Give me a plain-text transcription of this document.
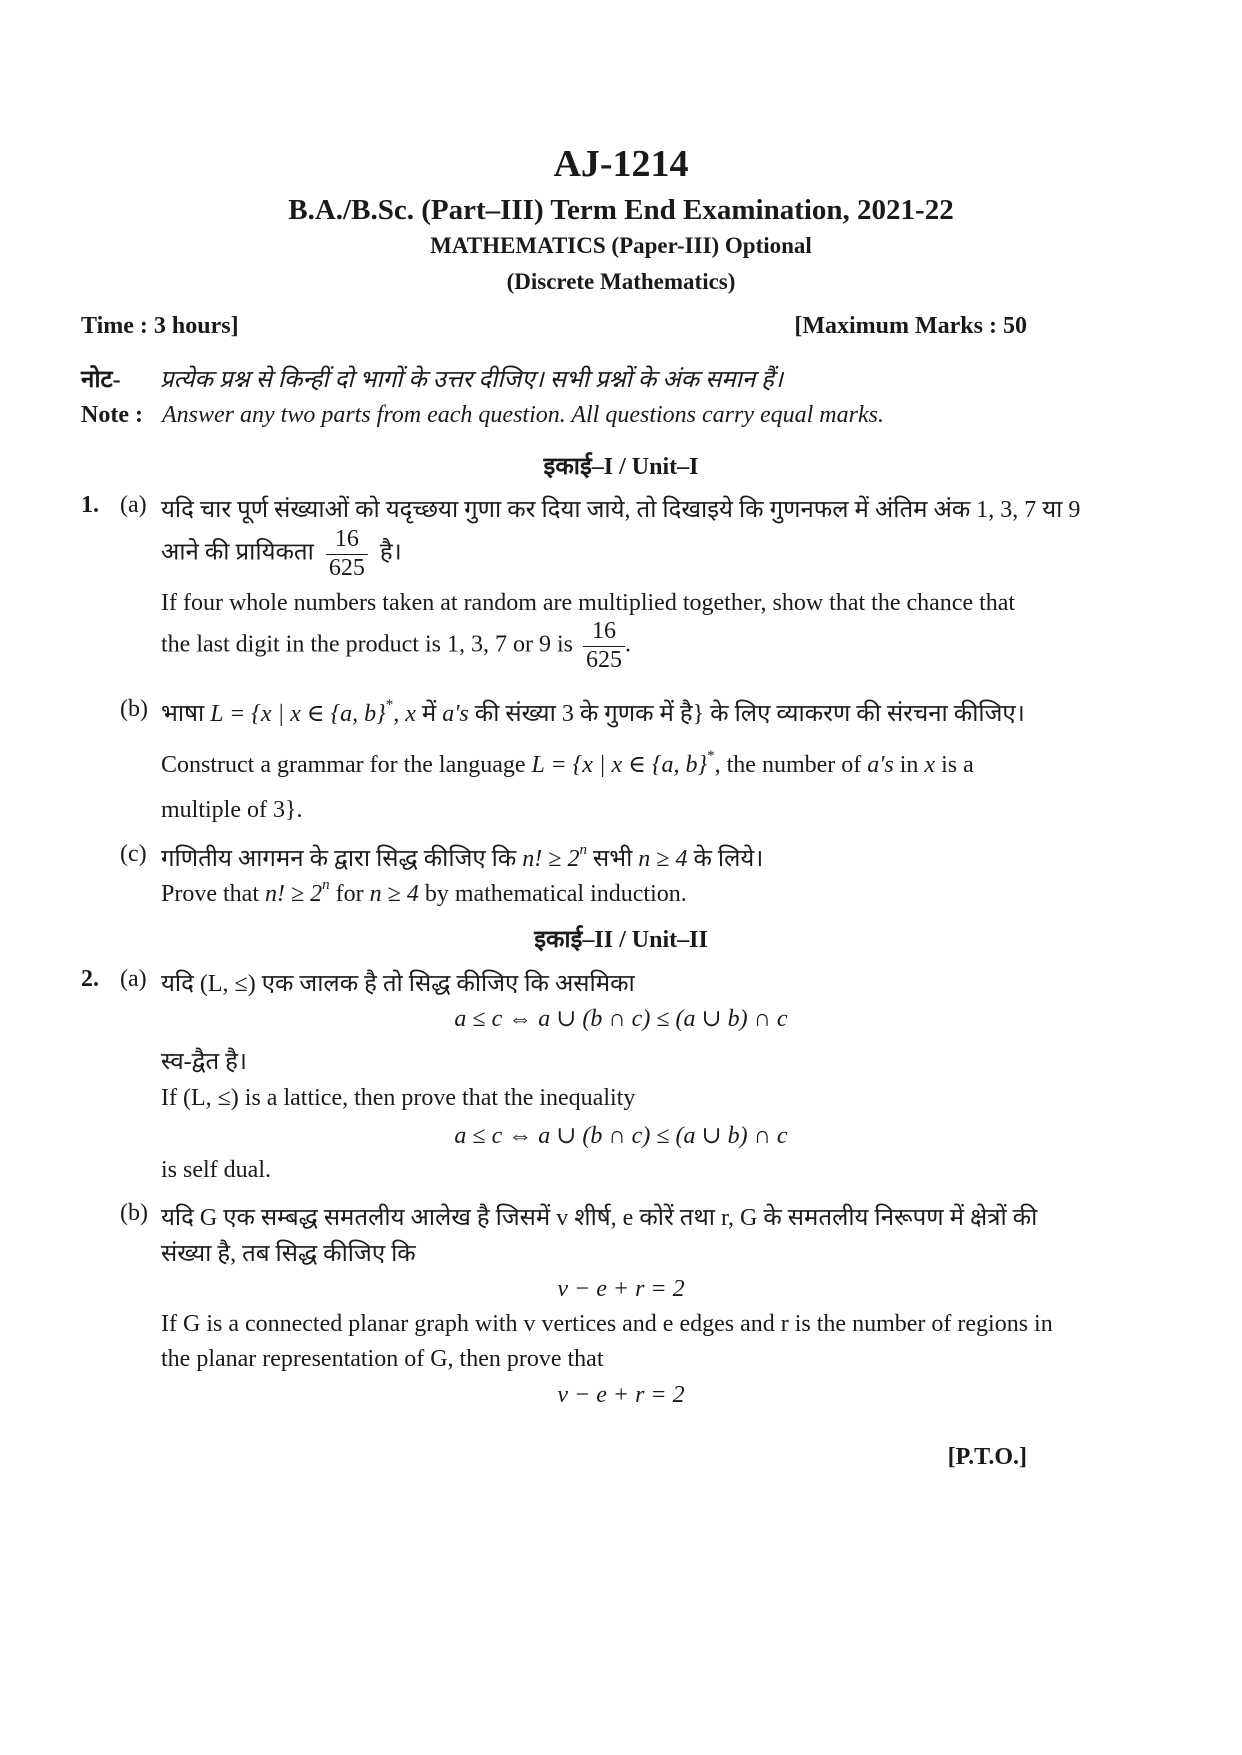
AJ-1214
B.A./B.Sc. (Part–III) Term End Examination, 2021-22
MATHEMATICS (Paper-III) Optional
(Discrete Mathematics)
Time : 3 hours]	[Maximum Marks : 50
नोट- प्रत्येक प्रश्न से किन्हीं दो भागों के उत्तर दीजिए। सभी प्रश्नों के अंक समान हैं।
Note : Answer any two parts from each question. All questions carry equal marks.
इकाई–I / Unit–I
1. (a) यदि चार पूर्ण संख्याओं को यदृच्छया गुणा कर दिया जाये, तो दिखाइये कि गुणनफल में अंतिम अंक 1, 3, 7 या 9
आने की प्रायिकता $\frac{16}{625}$ है।
If four whole numbers taken at random are multiplied together, show that the chance that
the last digit in the product is 1, 3, 7 or 9 is $\frac{16}{625}$ .
(b) भाषा L = {x | x ∈ {a, b}*, x में a's की संख्या 3 के गुणक में है} के लिए व्याकरण की संरचना कीजिए।
Construct a grammar for the language L = {x | x ∈ {a, b}*, the number of a's in x is a
multiple of 3}.
(c) गणितीय आगमन के द्वारा सिद्ध कीजिए कि n! ≥ $2^n$ सभी n ≥ 4 के लिये।
Prove that n! ≥ $2^n$ for n ≥ 4 by mathematical induction.
इकाई–II / Unit–II
2. (a) यदि (L, ≤) एक जालक है तो सिद्ध कीजिए कि असमिका
a ≤ c ⇔ a ∪ (b ∩ c) ≤ (a ∪ b) ∩ c
स्व-द्वैत है।
If (L, ≤) is a lattice, then prove that the inequality
a ≤ c ⇔ a ∪ (b ∩ c) ≤ (a ∪ b) ∩ c
is self dual.
(b) यदि G एक सम्बद्ध समतलीय आलेख है जिसमें v शीर्ष, e कोरें तथा r, G के समतलीय निरूपण में क्षेत्रों की
संख्या है, तब सिद्ध कीजिए कि
v − e + r = 2
If G is a connected planar graph with v vertices and e edges and r is the number of regions in
the planar representation of G, then prove that
v − e + r = 2
[P.T.O.]
